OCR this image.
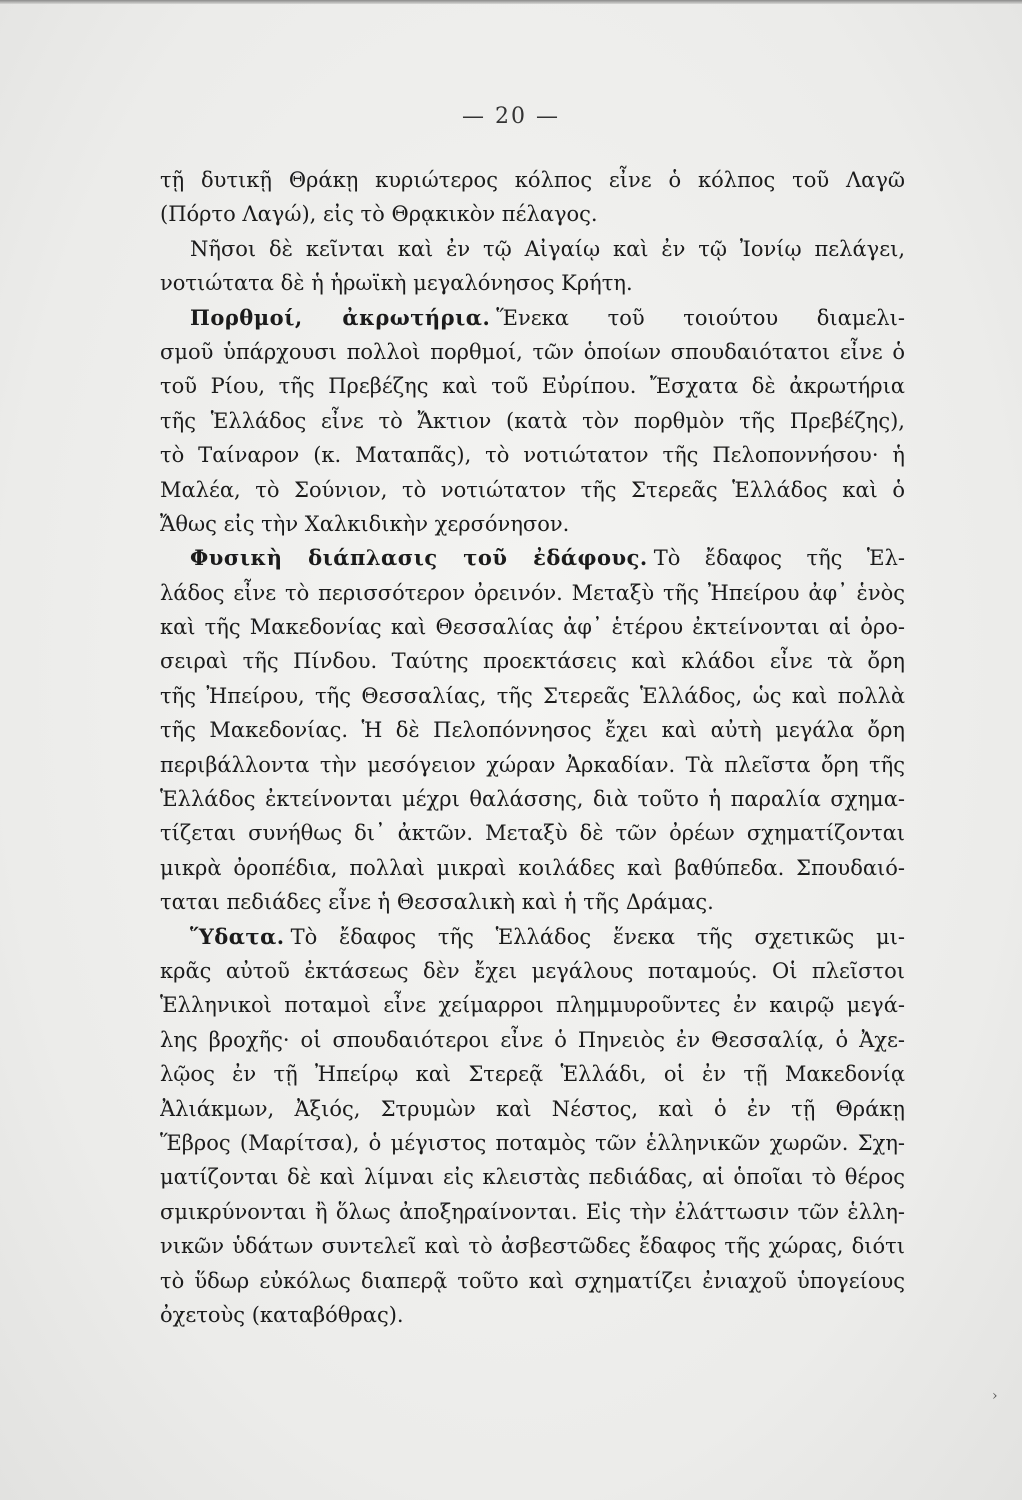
— 20 —
τῇ δυτικῇ Θράκῃ κυριώτερος κόλπος εἶνε ὁ κόλπος τοῦ Λαγῶ
(Πόρτο Λαγώ), εἰς τὸ Θρᾳκικὸν πέλαγος.
Νῆσοι δὲ κεῖνται καὶ ἐν τῷ Αἰγαίῳ καὶ ἐν τῷ Ἰονίῳ πελάγει,
νοτιώτατα δὲ ἡ ἡρωϊκὴ μεγαλόνησος Κρήτη.
Πορθμοί, ἀκρωτήρια. Ἕνεκα τοῦ τοιούτου διαμελι-
σμοῦ ὑπάρχουσι πολλοὶ πορθμοί, τῶν ὁποίων σπουδαιότατοι εἶνε ὁ
τοῦ Ρίου, τῆς Πρεβέζης καὶ τοῦ Εὐρίπου. Ἔσχατα δὲ ἀκρωτήρια
τῆς Ἑλλάδος εἶνε τὸ Ἄκτιον (κατὰ τὸν πορθμὸν τῆς Πρεβέζης),
τὸ Ταίναρον (κ. Ματαπᾶς), τὸ νοτιώτατον τῆς Πελοποννήσου· ἡ
Μαλέα, τὸ Σούνιον, τὸ νοτιώτατον τῆς Στερεᾶς Ἑλλάδος καὶ ὁ
Ἄθως εἰς τὴν Χαλκιδικὴν χερσόνησον.
Φυσικὴ διάπλασις τοῦ ἐδάφους. Τὸ ἔδαφος τῆς Ἑλ-
λάδος εἶνε τὸ περισσότερον ὀρεινόν. Μεταξὺ τῆς Ἠπείρου ἀφ᾽ ἑνὸς
καὶ τῆς Μακεδονίας καὶ Θεσσαλίας ἀφ᾽ ἑτέρου ἐκτείνονται αἱ ὀρο-
σειραὶ τῆς Πίνδου. Ταύτης προεκτάσεις καὶ κλάδοι εἶνε τὰ ὄρη
τῆς Ἠπείρου, τῆς Θεσσαλίας, τῆς Στερεᾶς Ἑλλάδος, ὡς καὶ πολλὰ
τῆς Μακεδονίας. Ἡ δὲ Πελοπόννησος ἔχει καὶ αὐτὴ μεγάλα ὄρη
περιβάλλοντα τὴν μεσόγειον χώραν Ἀρκαδίαν. Τὰ πλεῖστα ὄρη τῆς
Ἑλλάδος ἐκτείνονται μέχρι θαλάσσης, διὰ τοῦτο ἡ παραλία σχημα-
τίζεται συνήθως δι᾽ ἀκτῶν. Μεταξὺ δὲ τῶν ὀρέων σχηματίζονται
μικρὰ ὀροπέδια, πολλαὶ μικραὶ κοιλάδες καὶ βαθύπεδα. Σπουδαιό-
ταται πεδιάδες εἶνε ἡ Θεσσαλικὴ καὶ ἡ τῆς Δράμας.
Ὕδατα. Τὸ ἔδαφος τῆς Ἑλλάδος ἕνεκα τῆς σχετικῶς μι-
κρᾶς αὐτοῦ ἐκτάσεως δὲν ἔχει μεγάλους ποταμούς. Οἱ πλεῖστοι
Ἑλληνικοὶ ποταμοὶ εἶνε χείμαρροι πλημμυροῦντες ἐν καιρῷ μεγά-
λης βροχῆς· οἱ σπουδαιότεροι εἶνε ὁ Πηνειὸς ἐν Θεσσαλίᾳ, ὁ Ἀχε-
λῷος ἐν τῇ Ἠπείρῳ καὶ Στερεᾷ Ἑλλάδι, οἱ ἐν τῇ Μακεδονίᾳ
Ἀλιάκμων, Ἀξιός, Στρυμὼν καὶ Νέστος, καὶ ὁ ἐν τῇ Θράκῃ
Ἕβρος (Μαρίτσα), ὁ μέγιστος ποταμὸς τῶν ἑλληνικῶν χωρῶν. Σχη-
ματίζονται δὲ καὶ λίμναι εἰς κλειστὰς πεδιάδας, αἱ ὁποῖαι τὸ θέρος
σμικρύνονται ἢ ὅλως ἀποξηραίνονται. Εἰς τὴν ἐλάττωσιν τῶν ἑλλη-
νικῶν ὑδάτων συντελεῖ καὶ τὸ ἀσβεστῶδες ἔδαφος τῆς χώρας, διότι
τὸ ὕδωρ εὐκόλως διαπερᾷ τοῦτο καὶ σχηματίζει ἐνιαχοῦ ὑπογείους
ὀχετοὺς (καταβόθρας).
›
